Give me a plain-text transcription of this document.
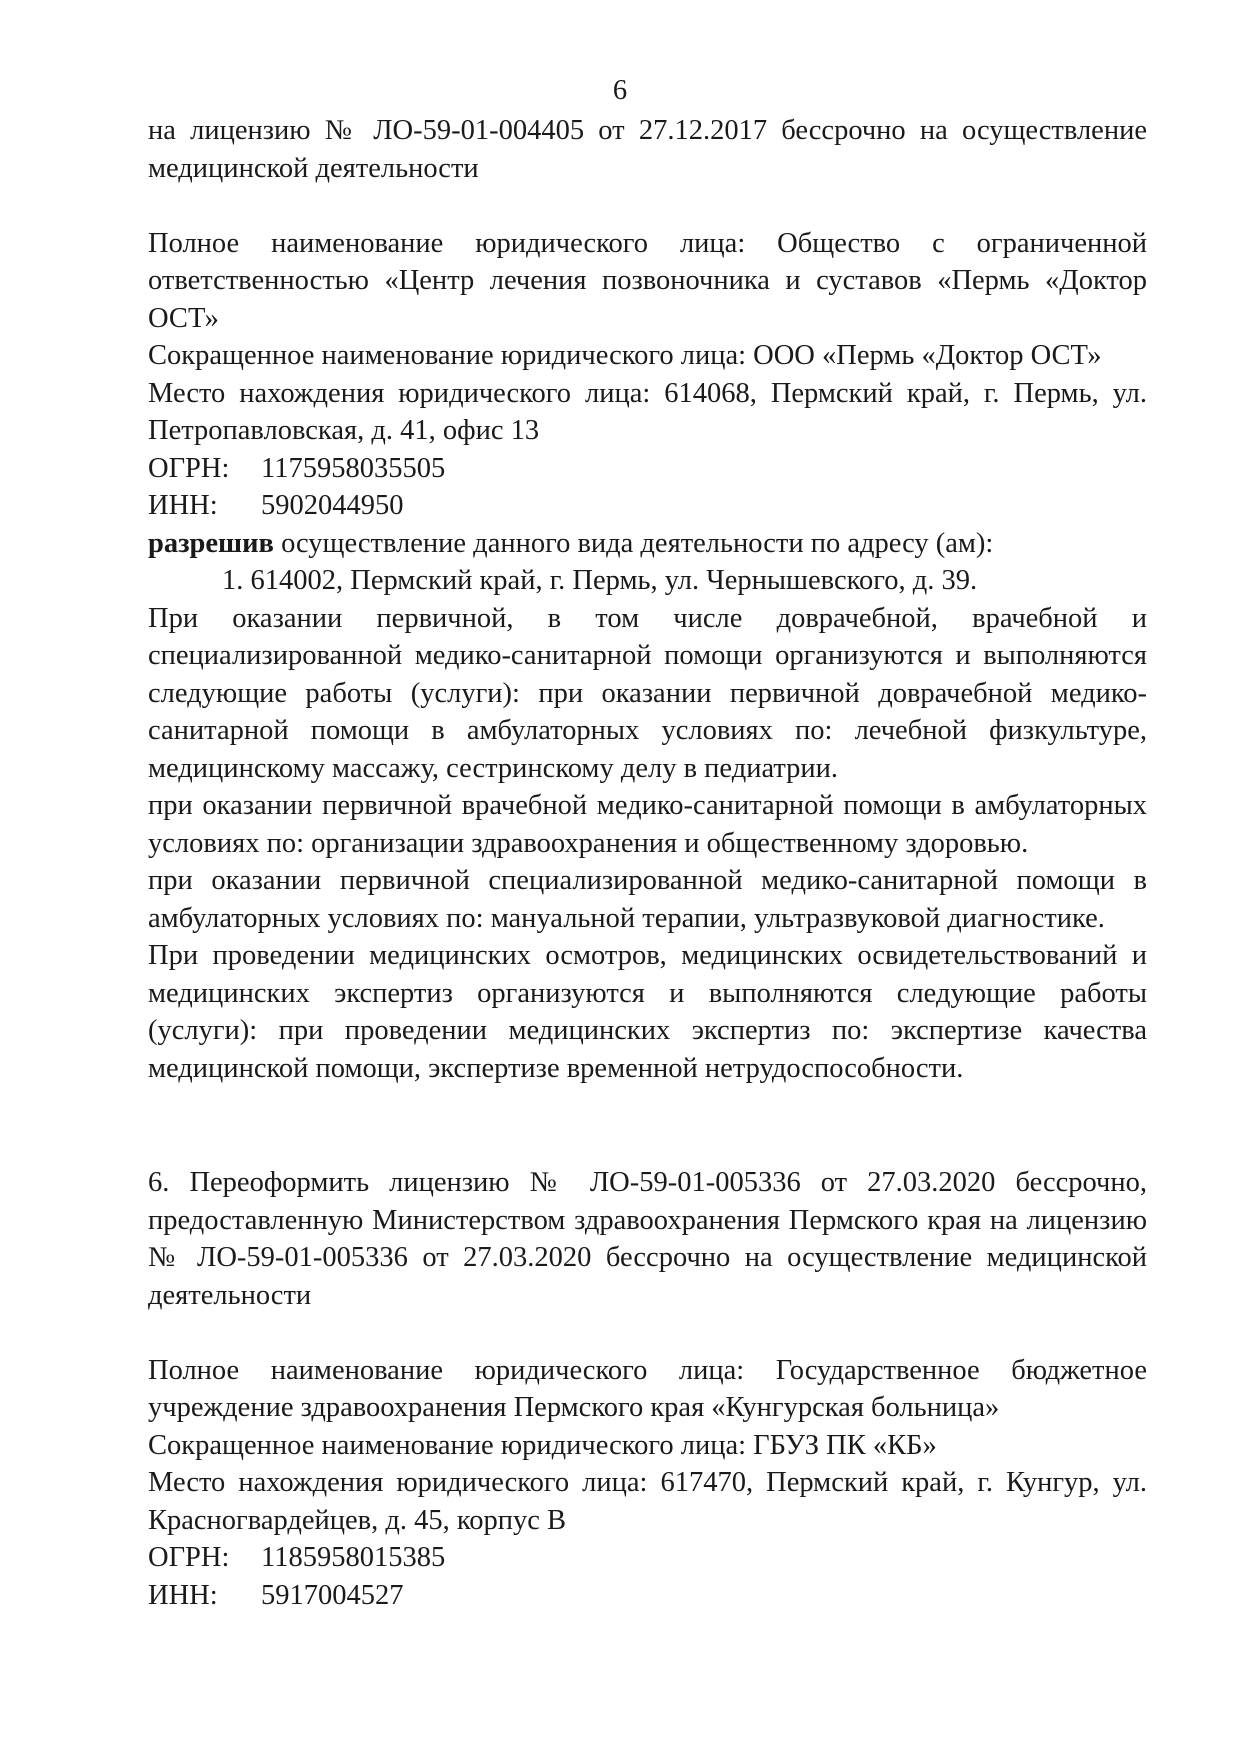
6

на лицензию № ЛО-59-01-004405 от 27.12.2017 бессрочно на осуществление медицинской деятельности

Полное наименование юридического лица: Общество с ограниченной ответственностью «Центр лечения позвоночника и суставов «Пермь «Доктор ОСТ»

Сокращенное наименование юридического лица: ООО «Пермь «Доктор ОСТ»

Место нахождения юридического лица: 614068, Пермский край, г. Пермь, ул. Петропавловская, д. 41, офис 13

ОГРН:	1175958035505
ИНН:	5902044950

разрешив осуществление данного вида деятельности по адресу (ам):

1. 614002, Пермский край, г. Пермь, ул. Чернышевского, д. 39.

При оказании первичной, в том числе доврачебной, врачебной и специализированной медико-санитарной помощи организуются и выполняются следующие работы (услуги): при оказании первичной доврачебной медико-санитарной помощи в амбулаторных условиях по: лечебной физкультуре, медицинскому массажу, сестринскому делу в педиатрии.

при оказании первичной врачебной медико-санитарной помощи в амбулаторных условиях по: организации здравоохранения и общественному здоровью.

при оказании первичной специализированной медико-санитарной помощи в амбулаторных условиях по: мануальной терапии, ультразвуковой диагностике.

При проведении медицинских осмотров, медицинских освидетельствований и медицинских экспертиз организуются и выполняются следующие работы (услуги): при проведении медицинских экспертиз по: экспертизе качества медицинской помощи, экспертизе временной нетрудоспособности.

6. Переоформить лицензию № ЛО-59-01-005336 от 27.03.2020 бессрочно, предоставленную Министерством здравоохранения Пермского края на лицензию № ЛО-59-01-005336 от 27.03.2020 бессрочно на осуществление медицинской деятельности

Полное наименование юридического лица: Государственное бюджетное учреждение здравоохранения Пермского края «Кунгурская больница»

Сокращенное наименование юридического лица: ГБУЗ ПК «КБ»

Место нахождения юридического лица: 617470, Пермский край, г. Кунгур, ул. Красногвардейцев, д. 45, корпус В

ОГРН:	1185958015385
ИНН:	5917004527
